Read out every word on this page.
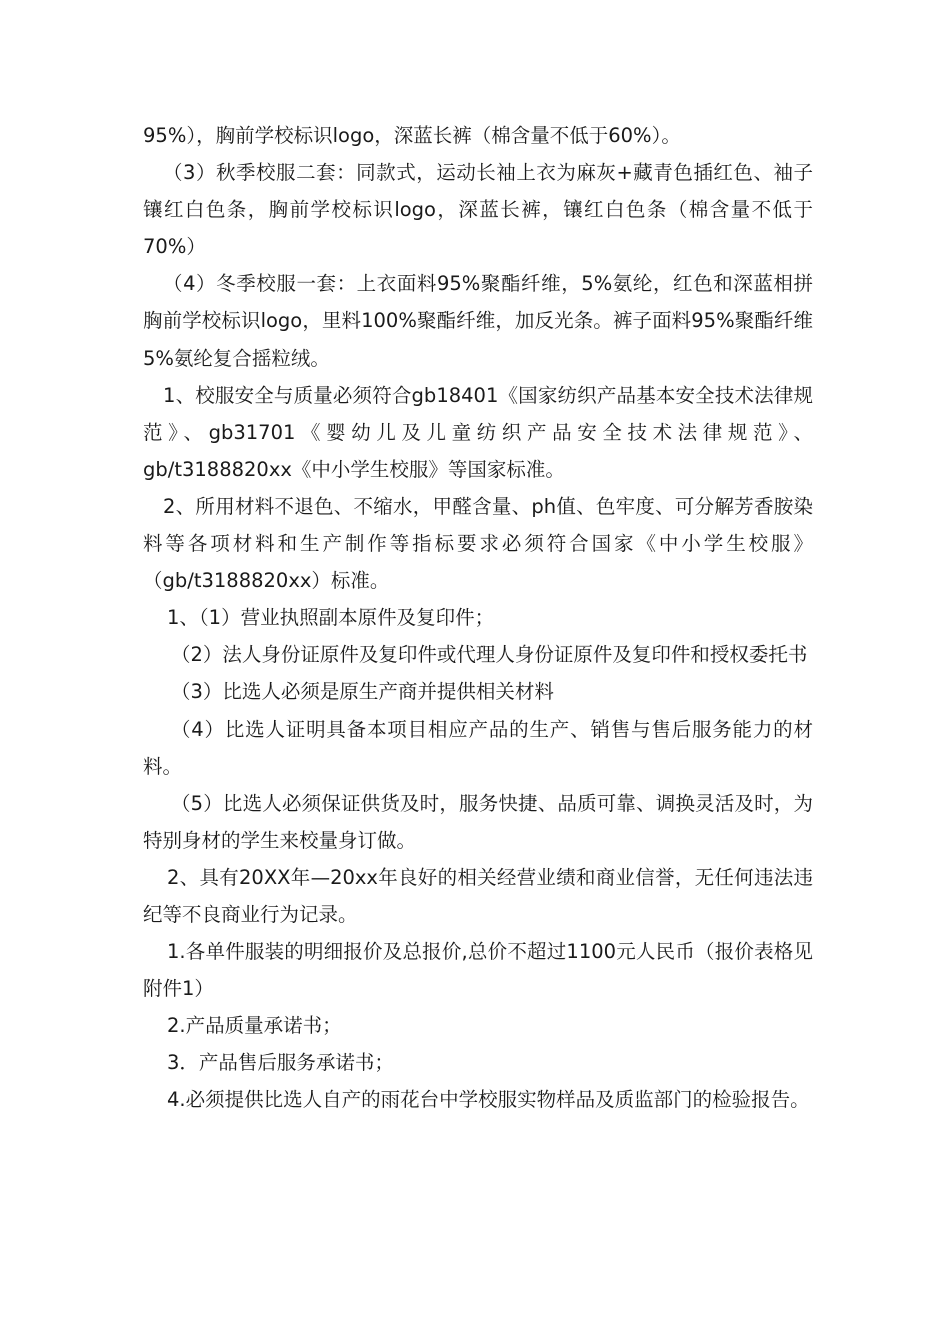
95%），胸前学校标识logo，深蓝长裤（棉含量不低于60%）。

（3）秋季校服二套：同款式，运动长袖上衣为麻灰+藏青色插红色、袖子镶红白色条，胸前学校标识logo，深蓝长裤，镶红白色条（棉含量不低于70%）

（4）冬季校服一套：上衣面料95%聚酯纤维，5%氨纶，红色和深蓝相拼胸前学校标识logo，里料100%聚酯纤维，加反光条。裤子面料95%聚酯纤维5%氨纶复合摇粒绒。

1、校服安全与质量必须符合gb18401《国家纺织产品基本安全技术法律规范》、gb31701《婴幼儿及儿童纺织产品安全技术法律规范》、gb/t3188820xx《中小学生校服》等国家标准。

2、所用材料不退色、不缩水，甲醛含量、ph值、色牢度、可分解芳香胺染料等各项材料和生产制作等指标要求必须符合国家《中小学生校服》（gb/t3188820xx）标准。

1、（1）营业执照副本原件及复印件；

（2）法人身份证原件及复印件或代理人身份证原件及复印件和授权委托书

（3）比选人必须是原生产商并提供相关材料

（4）比选人证明具备本项目相应产品的生产、销售与售后服务能力的材料。

（5）比选人必须保证供货及时，服务快捷、品质可靠、调换灵活及时，为特别身材的学生来校量身订做。

2、具有20XX年—20xx年良好的相关经营业绩和商业信誉，无任何违法违纪等不良商业行为记录。

1.各单件服装的明细报价及总报价,总价不超过1100元人民币（报价表格见附件1）

2.产品质量承诺书；

3．产品售后服务承诺书；

4.必须提供比选人自产的雨花台中学校服实物样品及质监部门的检验报告。
